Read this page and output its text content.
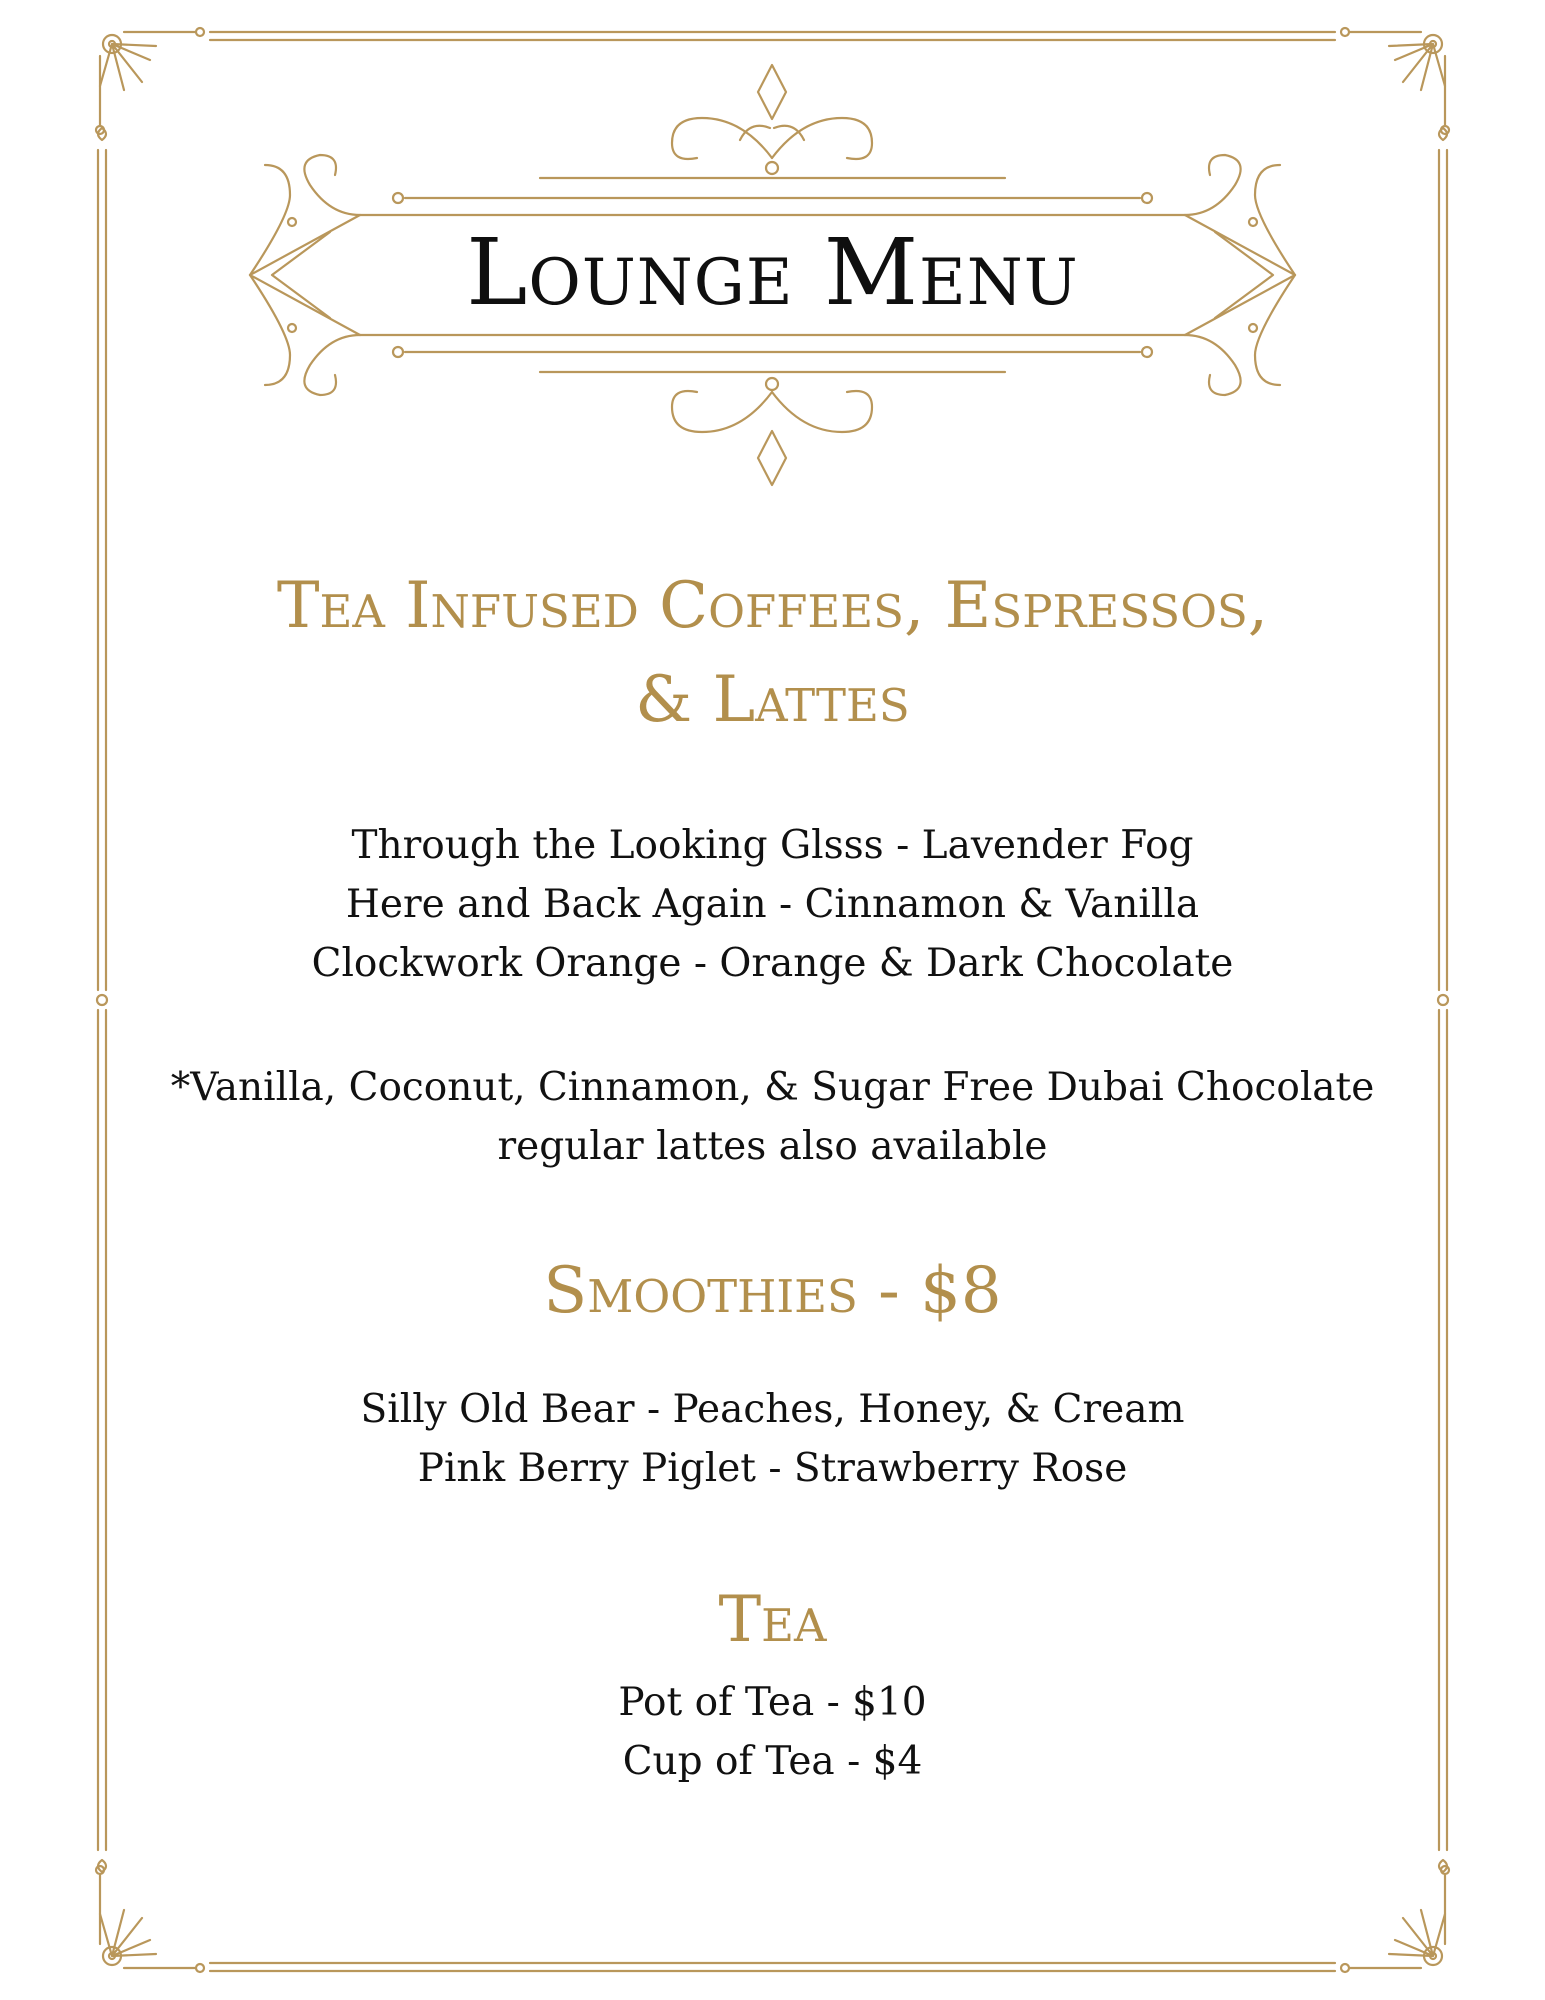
Lounge Menu
Tea Infused Coffees, Espressos,
& Lattes
Through the Looking Glsss - Lavender Fog
Here and Back Again - Cinnamon & Vanilla
Clockwork Orange - Orange & Dark Chocolate
*Vanilla, Coconut, Cinnamon, & Sugar Free Dubai Chocolate
regular lattes also available
Smoothies - $8
Silly Old Bear - Peaches, Honey, & Cream
Pink Berry Piglet - Strawberry Rose
Tea
Pot of Tea - $10
Cup of Tea - $4
